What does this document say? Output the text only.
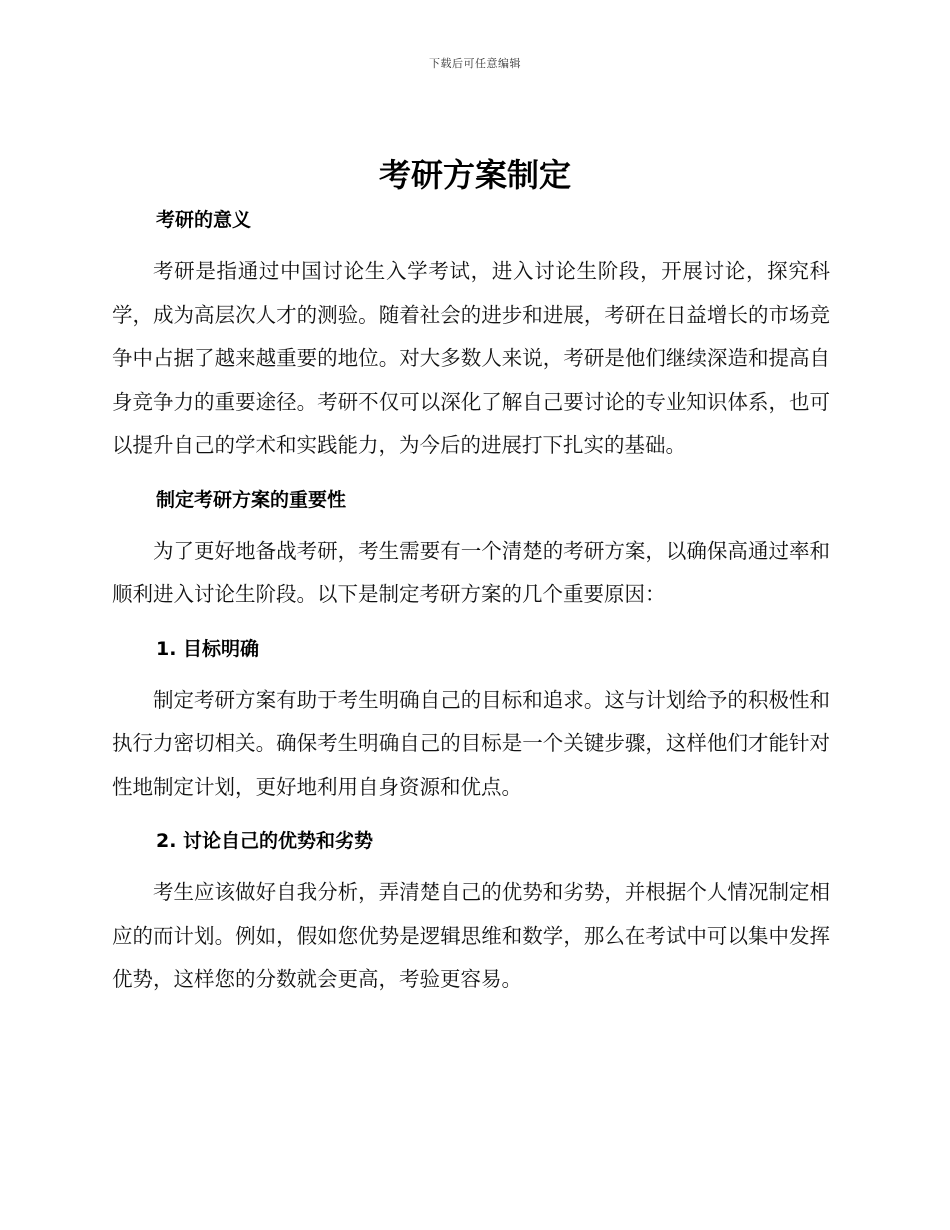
下载后可任意编辑
考研方案制定
考研的意义

考研是指通过中国讨论生入学考试，进入讨论生阶段，开展讨论，探究科学，成为高层次人才的测验。随着社会的进步和进展，考研在日益增长的市场竞争中占据了越来越重要的地位。对大多数人来说，考研是他们继续深造和提高自身竞争力的重要途径。考研不仅可以深化了解自己要讨论的专业知识体系，也可以提升自己的学术和实践能力，为今后的进展打下扎实的基础。

制定考研方案的重要性

为了更好地备战考研，考生需要有一个清楚的考研方案，以确保高通过率和顺利进入讨论生阶段。以下是制定考研方案的几个重要原因：

1. 目标明确

制定考研方案有助于考生明确自己的目标和追求。这与计划给予的积极性和执行力密切相关。确保考生明确自己的目标是一个关键步骤，这样他们才能针对性地制定计划，更好地利用自身资源和优点。

2. 讨论自己的优势和劣势

考生应该做好自我分析，弄清楚自己的优势和劣势，并根据个人情况制定相应的而计划。例如，假如您优势是逻辑思维和数学，那么在考试中可以集中发挥优势，这样您的分数就会更高，考验更容易。
